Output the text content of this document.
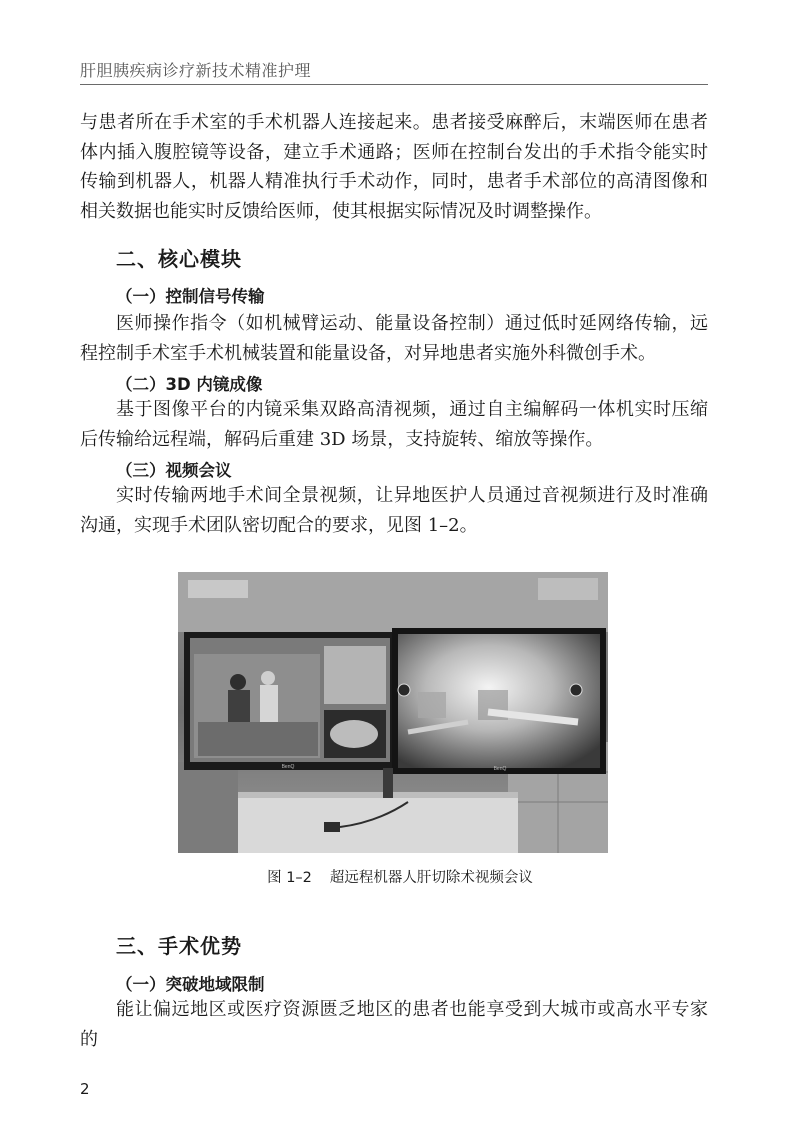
肝胆胰疾病诊疗新技术精准护理

与患者所在手术室的手术机器人连接起来。患者接受麻醉后，末端医师在患者体内插入腹腔镜等设备，建立手术通路；医师在控制台发出的手术指令能实时传输到机器人，机器人精准执行手术动作，同时，患者手术部位的高清图像和相关数据也能实时反馈给医师，使其根据实际情况及时调整操作。

二、核心模块
（一）控制信号传输

医师操作指令（如机械臂运动、能量设备控制）通过低时延网络传输，远程控制手术室手术机械装置和能量设备，对异地患者实施外科微创手术。

（二）3D 内镜成像

基于图像平台的内镜采集双路高清视频，通过自主编解码一体机实时压缩后传输给远程端，解码后重建 3D 场景，支持旋转、缩放等操作。

（三）视频会议

实时传输两地手术间全景视频，让异地医护人员通过音视频进行及时准确沟通，实现手术团队密切配合的要求，见图 1–2。

BenQ	BenQ
图 1–2 超远程机器人肝切除术视频会议
三、手术优势
（一）突破地域限制

能让偏远地区或医疗资源匮乏地区的患者也能享受到大城市或高水平专家的

2
